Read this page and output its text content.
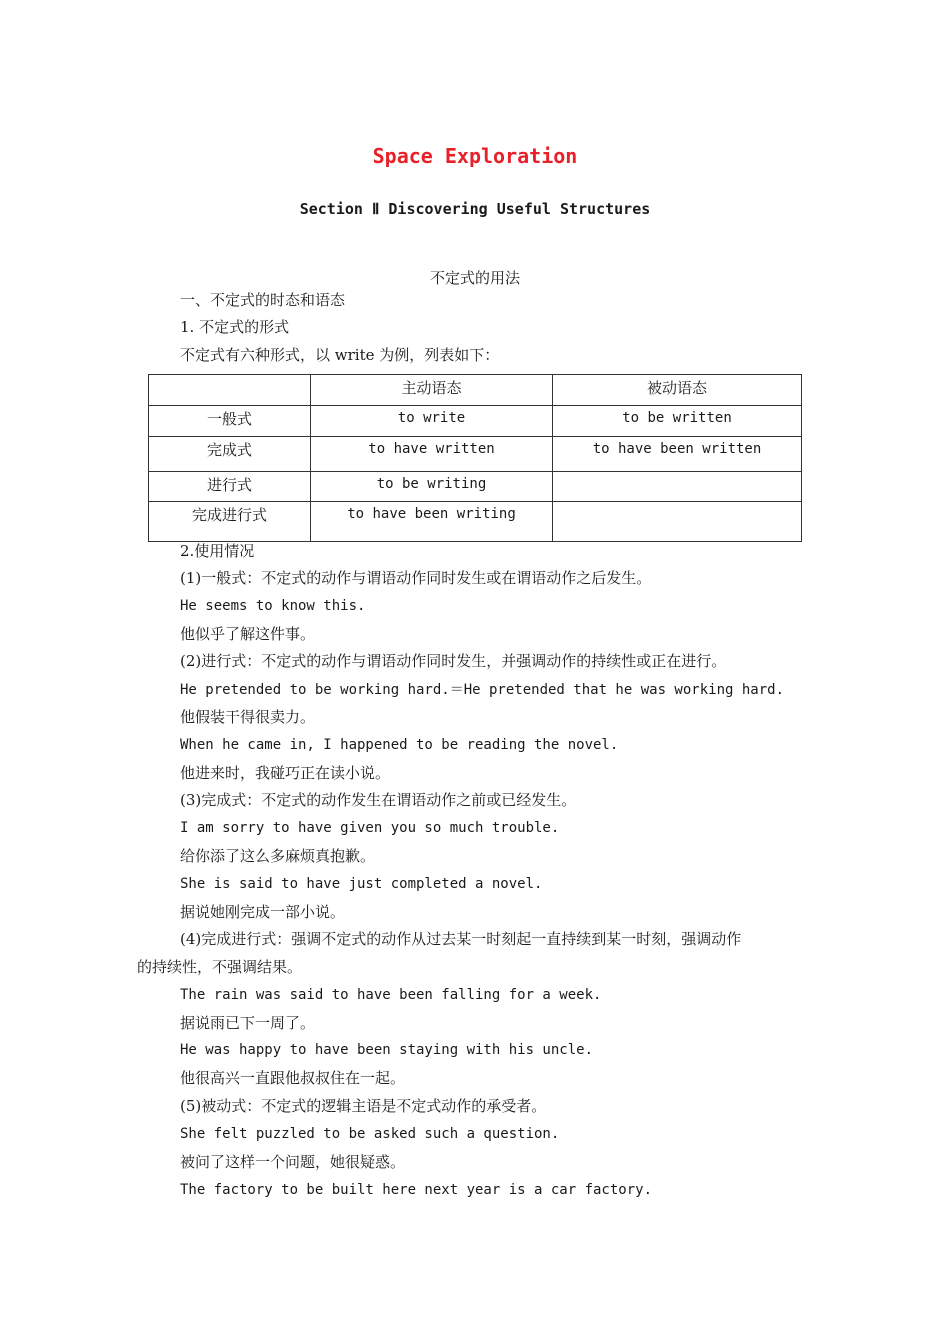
Space Exploration
Section Ⅱ Discovering Useful Structures
不定式的用法
一、不定式的时态和语态
1. 不定式的形式
不定式有六种形式，以 write 为例，列表如下：
	主动语态	被动语态
一般式	to write	to be written
完成式	to have written	to have been written
进行式	to be writing	
完成进行式	to have been writing	
2.使用情况
(1)一般式：不定式的动作与谓语动作同时发生或在谓语动作之后发生。
He seems to know this.
他似乎了解这件事。
(2)进行式：不定式的动作与谓语动作同时发生，并强调动作的持续性或正在进行。
He pretended to be working hard.＝He pretended that he was working hard.
他假装干得很卖力。
When he came in, I happened to be reading the novel.
他进来时，我碰巧正在读小说。
(3)完成式：不定式的动作发生在谓语动作之前或已经发生。
I am sorry to have given you so much trouble.
给你添了这么多麻烦真抱歉。
She is said to have just completed a novel.
据说她刚完成一部小说。
(4)完成进行式：强调不定式的动作从过去某一时刻起一直持续到某一时刻，强调动作
的持续性，不强调结果。
The rain was said to have been falling for a week.
据说雨已下一周了。
He was happy to have been staying with his uncle.
他很高兴一直跟他叔叔住在一起。
(5)被动式：不定式的逻辑主语是不定式动作的承受者。
She felt puzzled to be asked such a question.
被问了这样一个问题，她很疑惑。
The factory to be built here next year is a car factory.
